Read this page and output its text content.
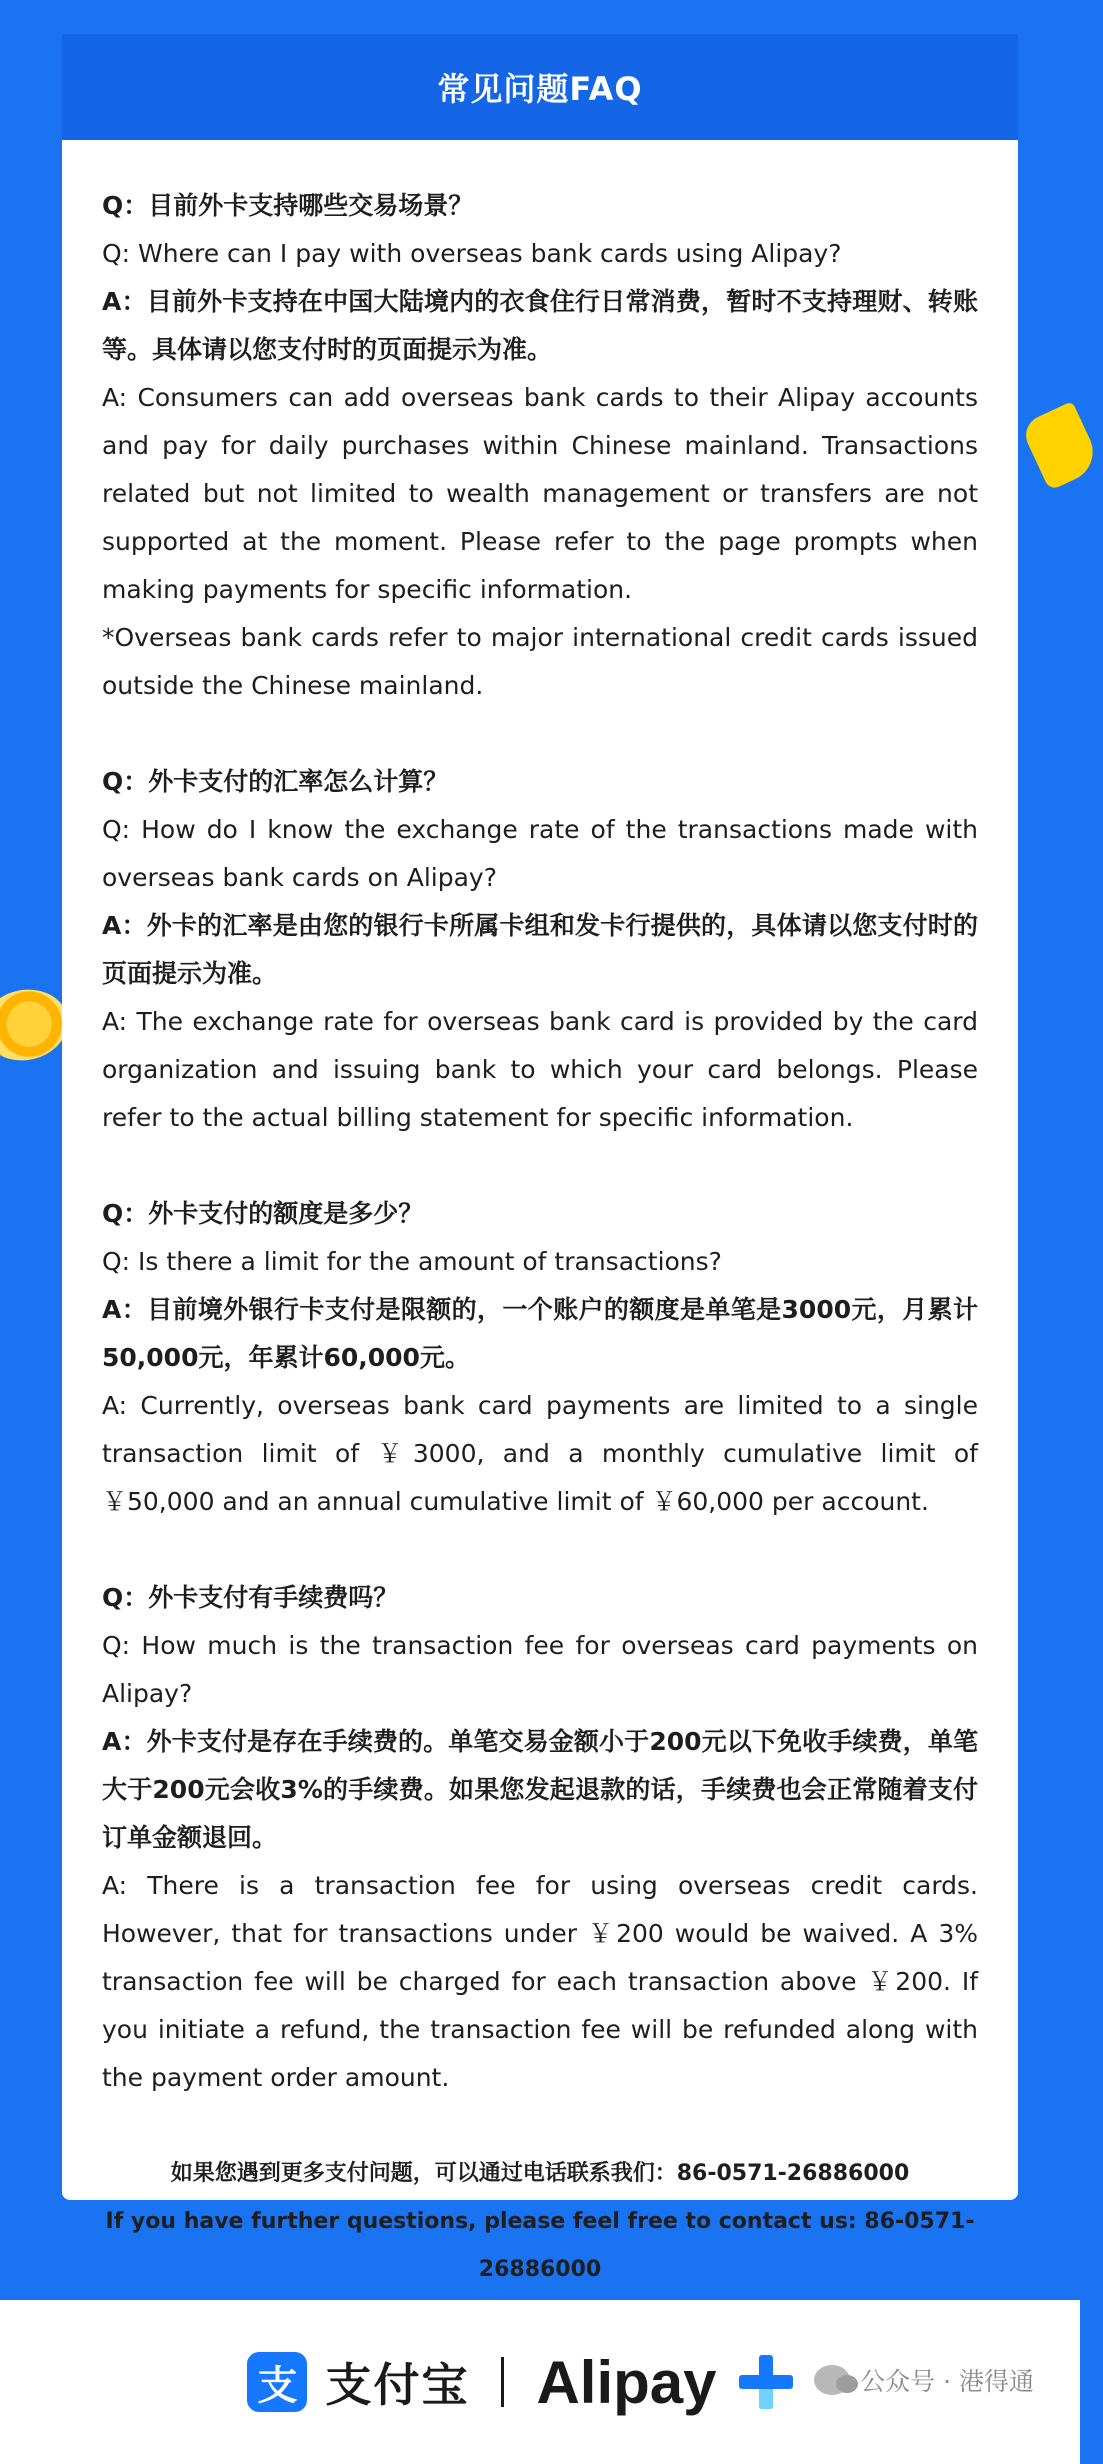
常见问题FAQ
Q：目前外卡支持哪些交易场景？
Q: Where can I pay with overseas bank cards using Alipay?
A：目前外卡支持在中国大陆境内的衣食住行日常消费，暂时不支持理财、转账等。具体请以您支付时的页面提示为准。
A: Consumers can add overseas bank cards to their Alipay accounts and pay for daily purchases within Chinese mainland. Transactions related but not limited to wealth management or transfers are not supported at the moment. Please refer to the page prompts when making payments for specific information.
*Overseas bank cards refer to major international credit cards issued outside the Chinese mainland.
Q：外卡支付的汇率怎么计算？
Q: How do I know the exchange rate of the transactions made with overseas bank cards on Alipay?
A：外卡的汇率是由您的银行卡所属卡组和发卡行提供的，具体请以您支付时的页面提示为准。
A: The exchange rate for overseas bank card is provided by the card organization and issuing bank to which your card belongs. Please refer to the actual billing statement for specific information.
Q：外卡支付的额度是多少？
Q: Is there a limit for the amount of transactions?
A：目前境外银行卡支付是限额的，一个账户的额度是单笔是3000元，月累计50,000元，年累计60,000元。
A: Currently, overseas bank card payments are limited to a single transaction limit of ￥3000, and a monthly cumulative limit of ￥50,000 and an annual cumulative limit of ￥60,000 per account.
Q：外卡支付有手续费吗？
Q: How much is the transaction fee for overseas card payments on Alipay?
A：外卡支付是存在手续费的。单笔交易金额小于200元以下免收手续费，单笔大于200元会收3%的手续费。如果您发起退款的话，手续费也会正常随着支付订单金额退回。
A: There is a transaction fee for using overseas credit cards. However, that for transactions under ￥200 would be waived. A 3% transaction fee will be charged for each transaction above ￥200. If you initiate a refund, the transaction fee will be refunded along with the payment order amount.
如果您遇到更多支付问题，可以通过电话联系我们：86-0571-26886000
If you have further questions, please feel free to contact us: 86-0571-26886000
支 支付宝 Alipay	公众号 · 港得通
